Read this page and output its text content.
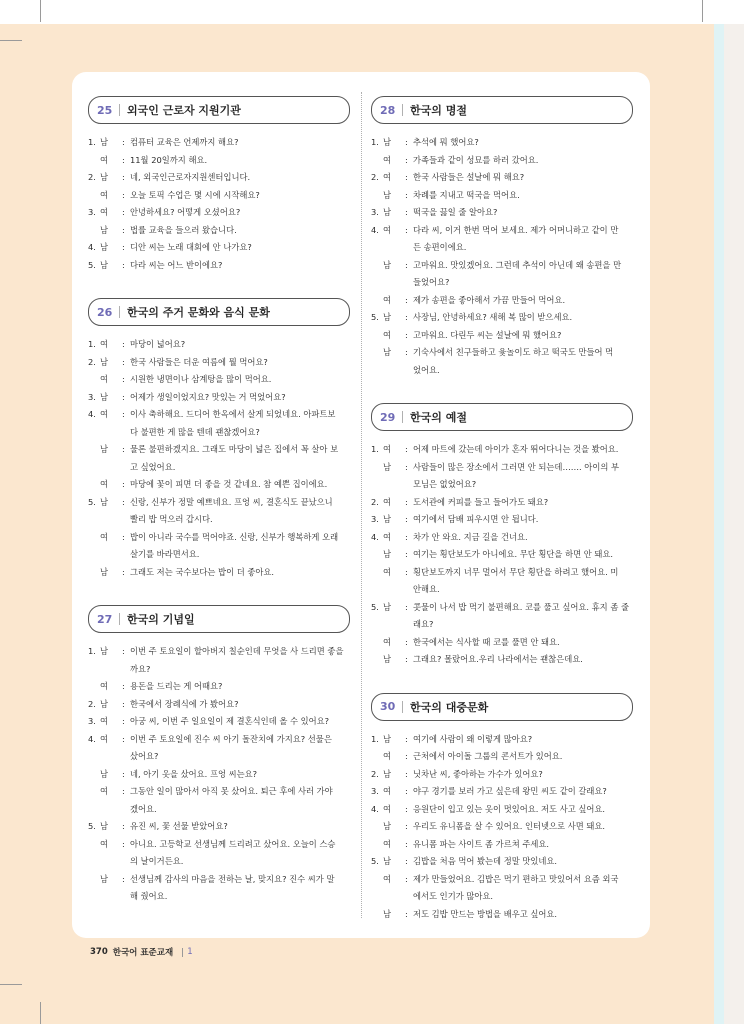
25 외국인 근로자 지원기관
1. 남	: 컴퓨터 교육은 언제까지 해요?
여	: 11월 20일까지 해요.
2. 남	: 네, 외국인근로자지원센터입니다.
여	: 오늘 토픽 수업은 몇 시에 시작해요?
3. 여	: 안녕하세요? 어떻게 오셨어요?
남	: 법률 교육을 들으러 왔습니다.
4. 남	: 디안 씨는 노래 대회에 안 나가요?
5. 남	: 다라 씨는 어느 반이에요?
26 한국의 주거 문화와 음식 문화
1. 여	: 마당이 넓어요?
2. 남	: 한국 사람들은 더운 여름에 뭘 먹어요?
여	: 시원한 냉면이나 삼계탕을 많이 먹어요.
3. 남	: 어제가 생일이었지요? 맛있는 거 먹었어요?
4. 여	: 이사 축하해요. 드디어 한옥에서 살게 되었네요. 아파트보
다 불편한 게 많을 텐데 괜찮겠어요?
남	: 물론 불편하겠지요. 그래도 마당이 넓은 집에서 꼭 살아 보
고 싶었어요.
여	: 마당에 꽃이 피면 더 좋을 것 같네요. 참 예쁜 집이에요.
5. 남	: 신랑, 신부가 정말 예쁘네요. 프엉 씨, 결혼식도 끝났으니
빨리 밥 먹으러 갑시다.
여	: 밥이 아니라 국수를 먹어야죠. 신랑, 신부가 행복하게 오래
살기를 바라면서요.
남	: 그래도 저는 국수보다는 밥이 더 좋아요.
27 한국의 기념일
1. 남	: 이번 주 토요일이 할아버지 칠순인데 무엇을 사 드리면 좋을
까요?
여	: 용돈을 드리는 게 어때요?
2. 남	: 한국에서 장례식에 가 봤어요?
3. 여	: 아궁 씨, 이번 주 일요일이 제 결혼식인데 올 수 있어요?
4. 여	: 이번 주 토요일에 진수 씨 아기 돌잔치에 가지요? 선물은
샀어요?
남	: 네, 아기 옷을 샀어요. 프엉 씨는요?
여	: 그동안 일이 많아서 아직 못 샀어요. 퇴근 후에 사러 가야
겠어요.
5. 남	: 유진 씨, 꽃 선물 받았어요?
여	: 아니요. 고등학교 선생님께 드리려고 샀어요. 오늘이 스승
의 날이거든요.
남	: 선생님께 감사의 마음을 전하는 날, 맞지요? 진수 씨가 말
해 줬어요.
28 한국의 명절
1. 남	: 추석에 뭐 했어요?
여	: 가족들과 같이 성묘를 하러 갔어요.
2. 여	: 한국 사람들은 설날에 뭐 해요?
남	: 차례를 지내고 떡국을 먹어요.
3. 남	: 떡국을 끓일 줄 알아요?
4. 여	: 다라 씨, 이거 한번 먹어 보세요. 제가 어머니하고 같이 만
든 송편이에요.
남	: 고마워요. 맛있겠어요. 그런데 추석이 아닌데 왜 송편을 만
들었어요?
여	: 제가 송편을 좋아해서 가끔 만들어 먹어요.
5. 남	: 사장님, 안녕하세요? 새해 복 많이 받으세요.
여	: 고마워요. 다린두 씨는 설날에 뭐 했어요?
남	: 기숙사에서 친구들하고 윷놀이도 하고 떡국도 만들어 먹
었어요.
29 한국의 예절
1. 여	: 어제 마트에 갔는데 아이가 혼자 뛰어다니는 것을 봤어요.
남	: 사람들이 많은 장소에서 그러면 안 되는데……. 아이의 부
모님은 없었어요?
2. 여	: 도서관에 커피를 들고 들어가도 돼요?
3. 남	: 여기에서 담배 피우시면 안 됩니다.
4. 여	: 차가 안 와요. 지금 길을 건너요.
남	: 여기는 횡단보도가 아니에요. 무단 횡단을 하면 안 돼요.
여	: 횡단보도까지 너무 멀어서 무단 횡단을 하려고 했어요. 미
안해요.
5. 남	: 콧물이 나서 밥 먹기 불편해요. 코를 풀고 싶어요. 휴지 좀 줄
래요?
여	: 한국에서는 식사할 때 코를 풀면 안 돼요.
남	: 그래요? 몰랐어요.우리 나라에서는 괜찮은데요.
30 한국의 대중문화
1. 남	: 여기에 사람이 왜 이렇게 많아요?
여	: 근처에서 아이돌 그룹의 콘서트가 있어요.
2. 남	: 닛차난 씨, 좋아하는 가수가 있어요?
3. 여	: 야구 경기를 보러 가고 싶은데 왕민 씨도 같이 갈래요?
4. 여	: 응원단이 입고 있는 옷이 멋있어요. 저도 사고 싶어요.
남	: 우리도 유니폼을 살 수 있어요. 인터넷으로 사면 돼요.
여	: 유니폼 파는 사이트 좀 가르쳐 주세요.
5. 남	: 김밥을 처음 먹어 봤는데 정말 맛있네요.
여	: 제가 만들었어요. 김밥은 먹기 편하고 맛있어서 요즘 외국
에서도 인기가 많아요.
남	: 저도 김밥 만드는 방법을 배우고 싶어요.
370 한국어 표준교재 1
